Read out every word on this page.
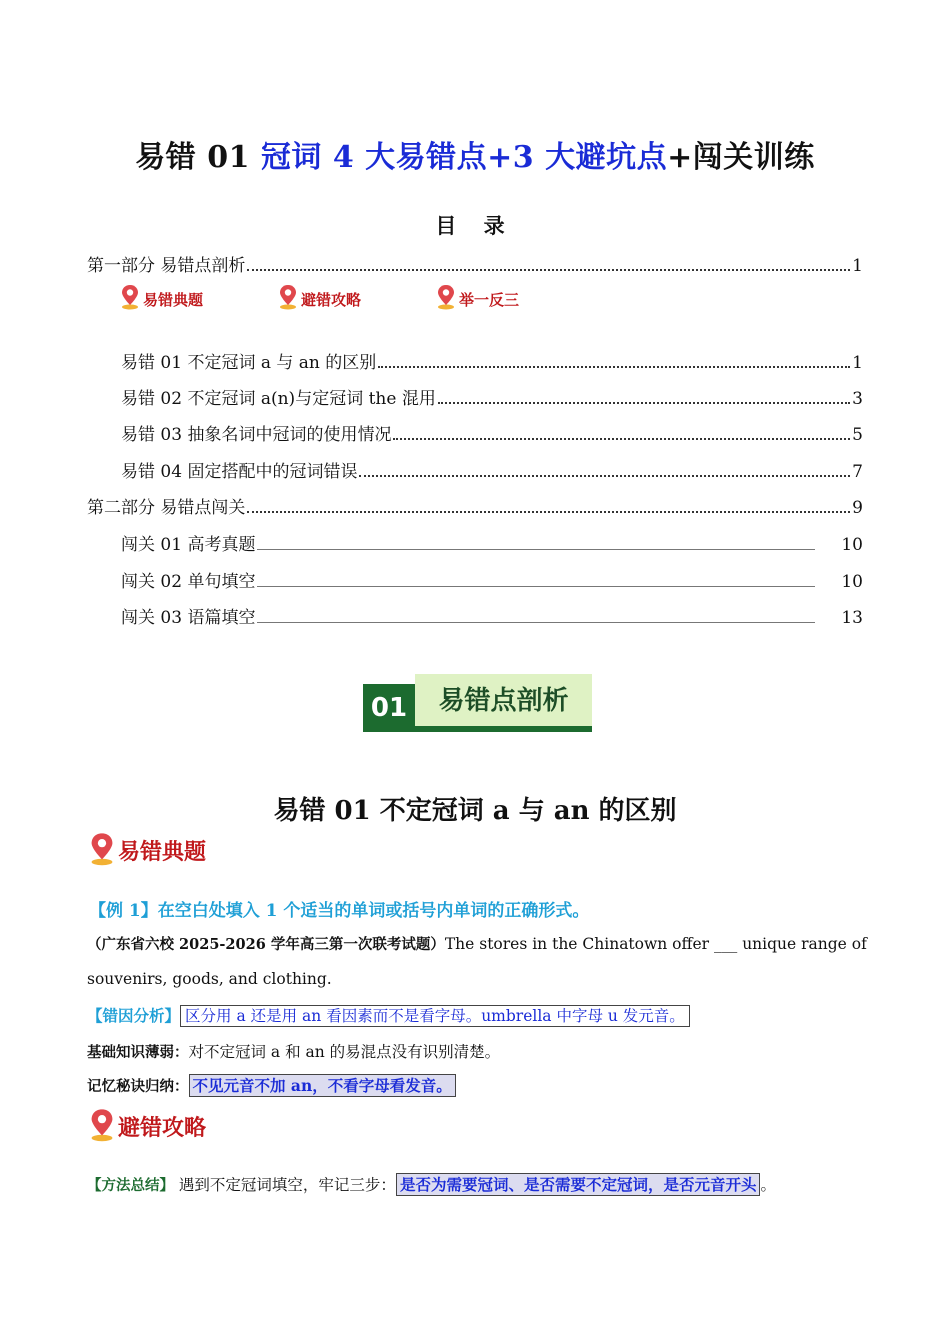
易错 01 冠词 4 大易错点+3 大避坑点+闯关训练
目 录
第一部分 易错点剖析	1
易错典题	避错攻略	举一反三
易错 01 不定冠词 a 与 an 的区别	1
易错 02 不定冠词 a(n)与定冠词 the 混用	3
易错 03 抽象名词中冠词的使用情况	5
易错 04 固定搭配中的冠词错误	7
第二部分 易错点闯关	9
闯关 01 高考真题	10
闯关 02 单句填空	10
闯关 03 语篇填空	13
01	易错点剖析
易错 01 不定冠词 a 与 an 的区别
易错典题
【例 1】在空白处填入 1 个适当的单词或括号内单词的正确形式。
（广东省六校 2025-2026 学年高三第一次联考试题）The stores in the Chinatown offer ___ unique range of
souvenirs, goods, and clothing.
【错因分析】 区分用 a 还是用 an 看因素而不是看字母。umbrella 中字母 u 发元音。
基础知识薄弱：对不定冠词 a 和 an 的易混点没有识别清楚。
记忆秘诀归纳： 不见元音不加 an，不看字母看发音。
避错攻略
【方法总结】 遇到不定冠词填空，牢记三步： 是否为需要冠词、是否需要不定冠词，是否元音开头 。
